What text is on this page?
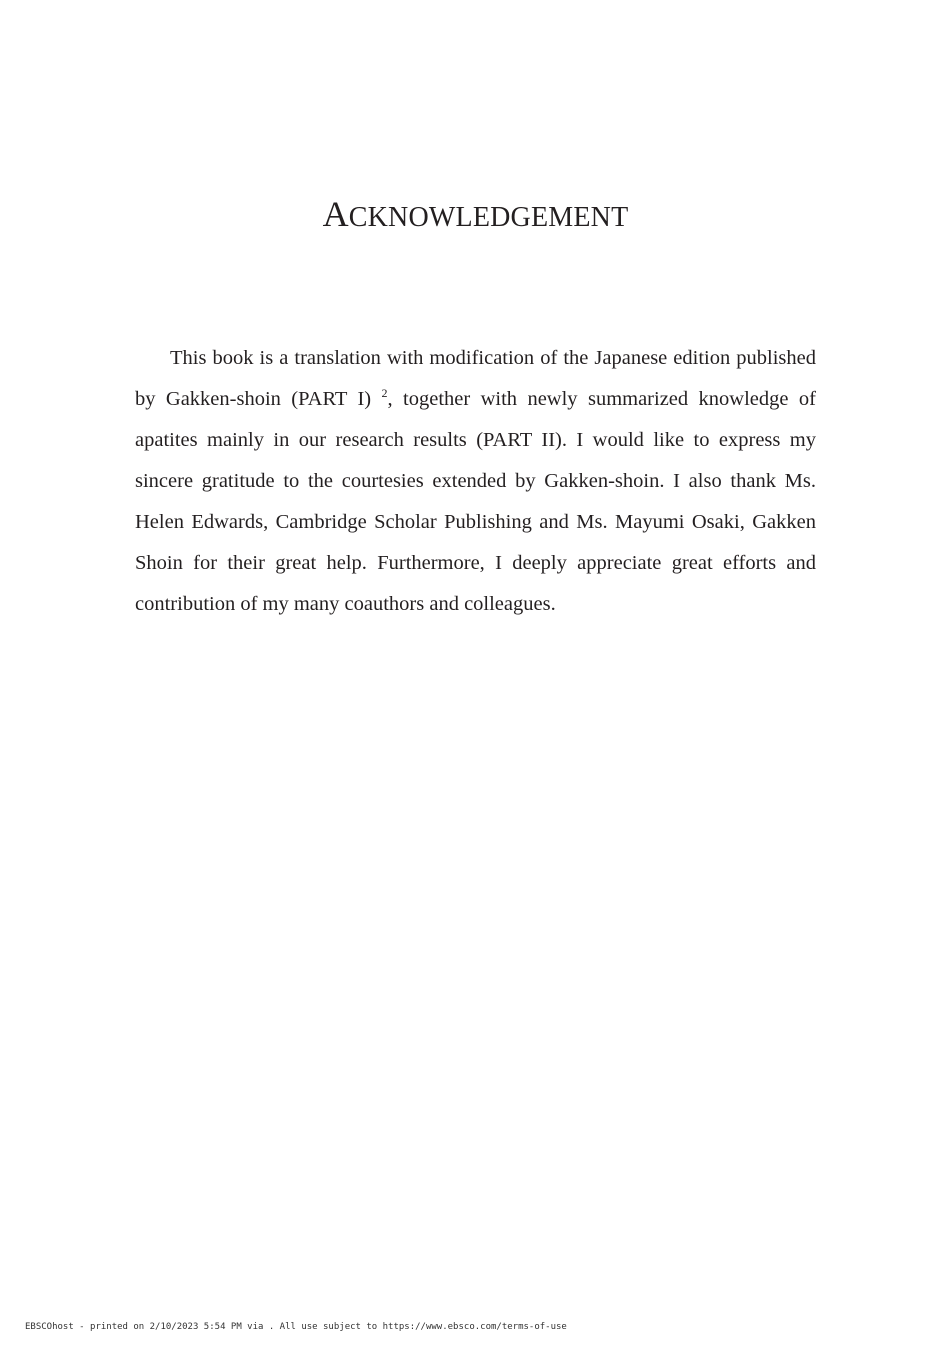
ACKNOWLEDGEMENT

This book is a translation with modification of the Japanese edition published by Gakken-shoin (PART I) $^2$, together with newly summarized knowledge of apatites mainly in our research results (PART II). I would like to express my sincere gratitude to the courtesies extended by Gakken-shoin. I also thank Ms. Helen Edwards, Cambridge Scholar Publishing and Ms. Mayumi Osaki, Gakken Shoin for their great help. Furthermore, I deeply appreciate great efforts and contribution of my many coauthors and colleagues.

EBSCOhost - printed on 2/10/2023 5:54 PM via . All use subject to https://www.ebsco.com/terms-of-use
